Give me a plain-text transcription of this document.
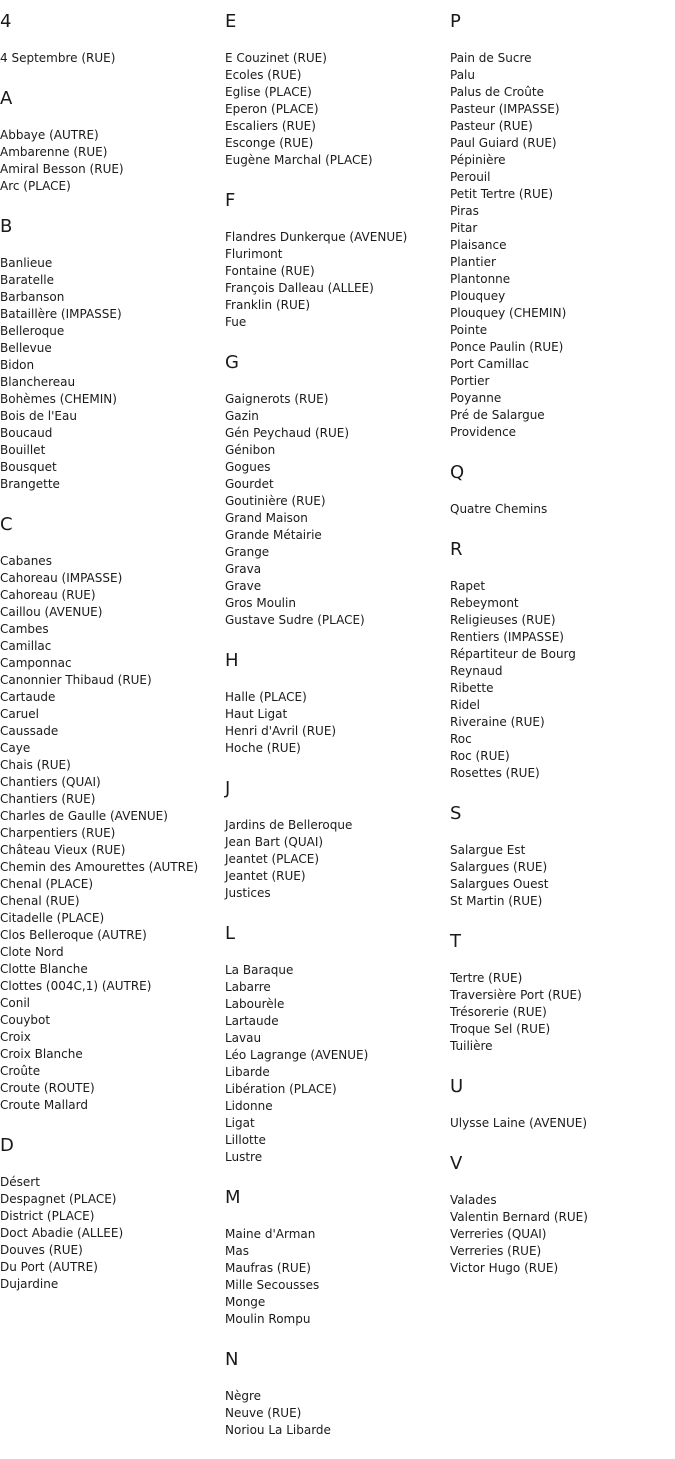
4
4 Septembre (RUE)
A
Abbaye (AUTRE)
Ambarenne (RUE)
Amiral Besson (RUE)
Arc (PLACE)
B
Banlieue
Baratelle
Barbanson
Bataillère (IMPASSE)
Belleroque
Bellevue
Bidon
Blanchereau
Bohèmes (CHEMIN)
Bois de l'Eau
Boucaud
Bouillet
Bousquet
Brangette
C
Cabanes
Cahoreau (IMPASSE)
Cahoreau (RUE)
Caillou (AVENUE)
Cambes
Camillac
Camponnac
Canonnier Thibaud (RUE)
Cartaude
Caruel
Caussade
Caye
Chais (RUE)
Chantiers (QUAI)
Chantiers (RUE)
Charles de Gaulle (AVENUE)
Charpentiers (RUE)
Château Vieux (RUE)
Chemin des Amourettes (AUTRE)
Chenal (PLACE)
Chenal (RUE)
Citadelle (PLACE)
Clos Belleroque (AUTRE)
Clote Nord
Clotte Blanche
Clottes (004C,1) (AUTRE)
Conil
Couybot
Croix
Croix Blanche
Croûte
Croute (ROUTE)
Croute Mallard
D
Désert
Despagnet (PLACE)
District (PLACE)
Doct Abadie (ALLEE)
Douves (RUE)
Du Port (AUTRE)
Dujardine
E
E Couzinet (RUE)
Ecoles (RUE)
Eglise (PLACE)
Eperon (PLACE)
Escaliers (RUE)
Esconge (RUE)
Eugène Marchal (PLACE)
F
Flandres Dunkerque (AVENUE)
Flurimont
Fontaine (RUE)
François Dalleau (ALLEE)
Franklin (RUE)
Fue
G
Gaignerots (RUE)
Gazin
Gén Peychaud (RUE)
Génibon
Gogues
Gourdet
Goutinière (RUE)
Grand Maison
Grande Métairie
Grange
Grava
Grave
Gros Moulin
Gustave Sudre (PLACE)
H
Halle (PLACE)
Haut Ligat
Henri d'Avril (RUE)
Hoche (RUE)
J
Jardins de Belleroque
Jean Bart (QUAI)
Jeantet (PLACE)
Jeantet (RUE)
Justices
L
La Baraque
Labarre
Labourèle
Lartaude
Lavau
Léo Lagrange (AVENUE)
Libarde
Libération (PLACE)
Lidonne
Ligat
Lillotte
Lustre
M
Maine d'Arman
Mas
Maufras (RUE)
Mille Secousses
Monge
Moulin Rompu
N
Nègre
Neuve (RUE)
Noriou La Libarde
P
Pain de Sucre
Palu
Palus de Croûte
Pasteur (IMPASSE)
Pasteur (RUE)
Paul Guiard (RUE)
Pépinière
Perouil
Petit Tertre (RUE)
Piras
Pitar
Plaisance
Plantier
Plantonne
Plouquey
Plouquey (CHEMIN)
Pointe
Ponce Paulin (RUE)
Port Camillac
Portier
Poyanne
Pré de Salargue
Providence
Q
Quatre Chemins
R
Rapet
Rebeymont
Religieuses (RUE)
Rentiers (IMPASSE)
Répartiteur de Bourg
Reynaud
Ribette
Ridel
Riveraine (RUE)
Roc
Roc (RUE)
Rosettes (RUE)
S
Salargue Est
Salargues (RUE)
Salargues Ouest
St Martin (RUE)
T
Tertre (RUE)
Traversière Port (RUE)
Trésorerie (RUE)
Troque Sel (RUE)
Tuilière
U
Ulysse Laine (AVENUE)
V
Valades
Valentin Bernard (RUE)
Verreries (QUAI)
Verreries (RUE)
Victor Hugo (RUE)
